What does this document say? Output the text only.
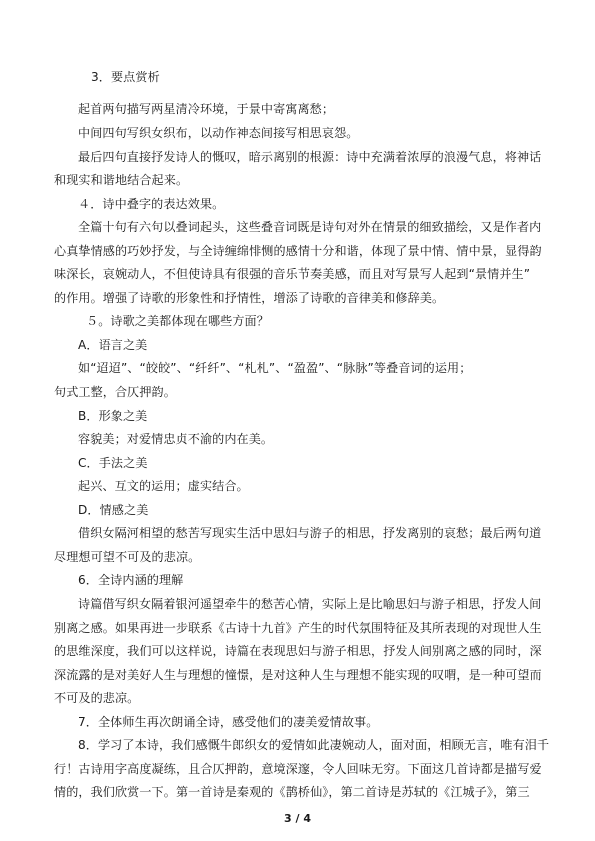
3．要点赏析
起首两句描写两星清冷环境，于景中寄寓离愁；
中间四句写织女织布，以动作神态间接写相思哀怨。
最后四句直接抒发诗人的慨叹，暗示离别的根源：诗中充满着浓厚的浪漫气息，将神话
和现实和谐地结合起来。
４．诗中叠字的表达效果。
全篇十句有六句以叠词起头，这些叠音词既是诗句对外在情景的细致描绘，又是作者内
心真挚情感的巧妙抒发，与全诗缠绵悱恻的感情十分和谐，体现了景中情、情中景，显得韵
味深长，哀婉动人，不但使诗具有很强的音乐节奏美感，而且对写景写人起到“景情并生”
的作用。增强了诗歌的形象性和抒情性，增添了诗歌的音律美和修辞美。
５。诗歌之美都体现在哪些方面？
A．语言之美
如“迢迢”、“皎皎”、“纤纤”、“札札”、“盈盈”、“脉脉”等叠音词的运用；
句式工整，合仄押韵。
B．形象之美
容貌美；对爱情忠贞不渝的内在美。
C．手法之美
起兴、互文的运用；虚实结合。
D．情感之美
借织女隔河相望的愁苦写现实生活中思妇与游子的相思，抒发离别的哀愁；最后两句道
尽理想可望不可及的悲凉。
6．全诗内涵的理解
诗篇借写织女隔着银河遥望牵牛的愁苦心情，实际上是比喻思妇与游子相思，抒发人间
别离之感。如果再进一步联系《古诗十九首》产生的时代氛围特征及其所表现的对现世人生
的思维深度，我们可以这样说，诗篇在表现思妇与游子相思，抒发人间别离之感的同时，深
深流露的是对美好人生与理想的憧憬，是对这种人生与理想不能实现的叹喟，是一种可望而
不可及的悲凉。
7．全体师生再次朗诵全诗，感受他们的凄美爱情故事。
8．学习了本诗，我们感慨牛郎织女的爱情如此凄婉动人，面对面，相顾无言，唯有泪千
行！古诗用字高度凝练，且合仄押韵，意境深邃，令人回味无穷。下面这几首诗都是描写爱
情的，我们欣赏一下。第一首诗是秦观的《鹊桥仙》，第二首诗是苏轼的《江城子》，第三
3 / 4
